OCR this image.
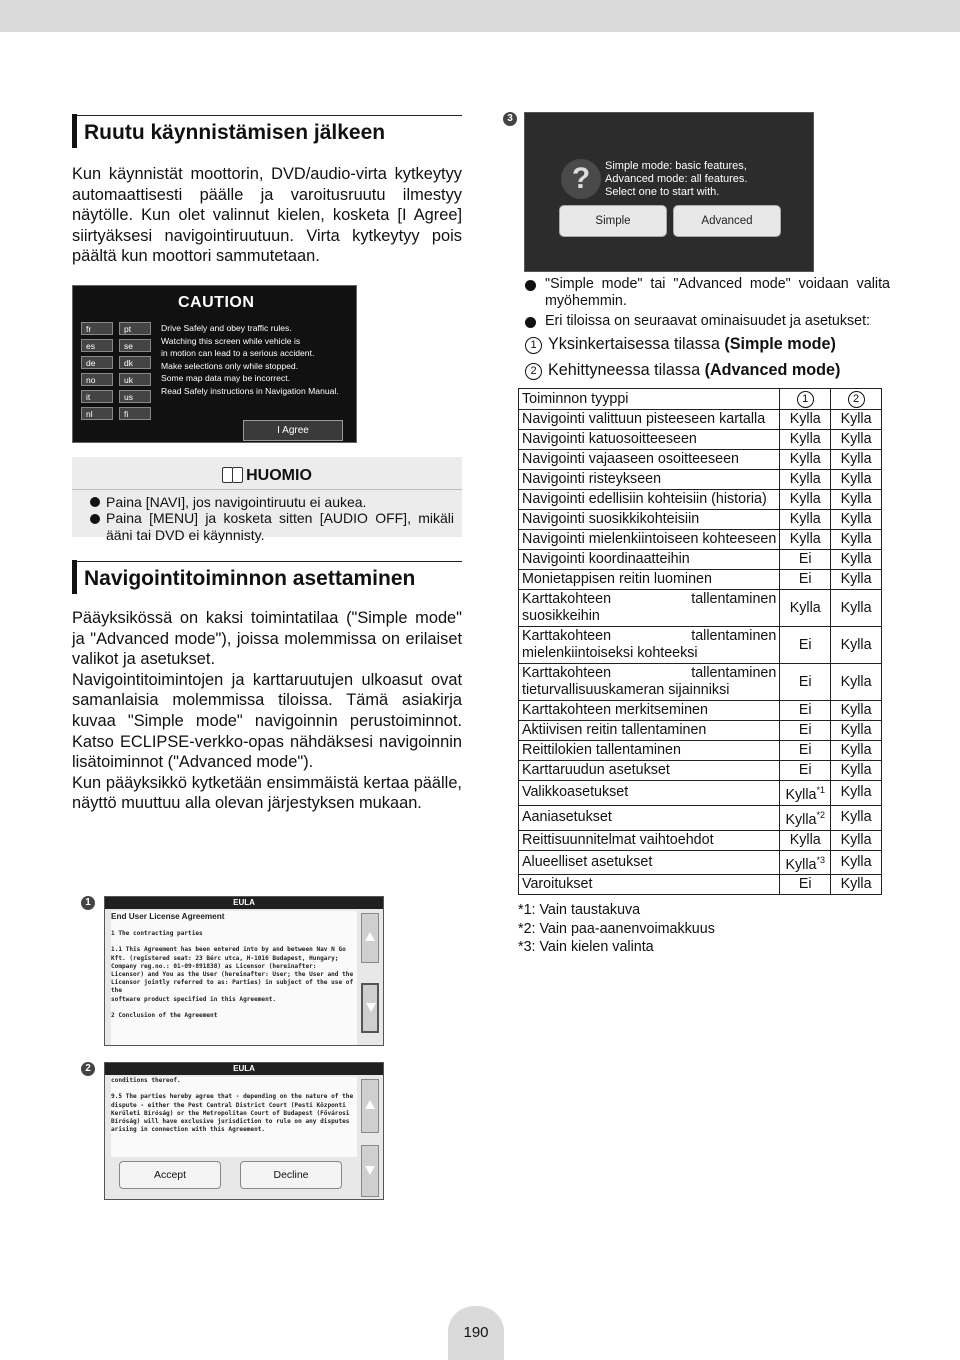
Ruutu käynnistämisen jälkeen

Kun käynnistät moottorin, DVD/audio-virta kytkeytyy automaattisesti päälle ja varoitusruutu ilmestyy näytölle. Kun olet valinnut kielen, kosketa [I Agree] siirtyäksesi navigointiruutuun. Virta kytkeytyy pois päältä kun moottori sammutetaan.

CAUTION
fr	pt
es	se
de	dk
no	uk
it	us
nl	fi
Drive Safely and obey traffic rules.
Watching this screen while vehicle is
in motion can lead to a serious accident.
Make selections only while stopped.
Some map data may be incorrect.
Read Safely instructions in Navigation Manual.
I Agree
HUOMIO
Paina [NAVI], jos navigointiruutu ei aukea.
Paina [MENU] ja kosketa sitten [AUDIO OFF], mikäli ääni tai DVD ei käynnisty.
Navigointitoiminnon asettaminen

Pääyksikössä on kaksi toimintatilaa ("Simple mode" ja "Advanced mode"), joissa molemmissa on erilaiset valikot ja asetukset.

Navigointitoimintojen ja karttaruutujen ulkoasut ovat samanlaisia molemmissa tiloissa. Tämä asiakirja kuvaa "Simple mode" navigoinnin perustoiminnot. Katso ECLIPSE-verkko-opas nähdäksesi navigoinnin lisätoiminnot ("Advanced mode").

Kun pääyksikkö kytketään ensimmäistä kertaa päälle, näyttö muuttuu alla olevan järjestyksen mukaan.

1	EULA
End User License Agreement
1 The contracting parties
1.1 This Agreement has been entered into by and between Nav N Go
Kft. (registered seat: 23 Bérc utca, H-1016 Budapest, Hungary;
Company reg.no.: 01-09-891838) as Licensor (hereinafter:
Licensor) and You as the User (hereinafter: User; the User and the
Licensor jointly referred to as: Parties) in subject of the use of the
software product specified in this Agreement.
2 Conclusion of the Agreement
2	EULA
conditions thereof.
9.5 The parties hereby agree that - depending on the nature of the
dispute - either the Pest Central District Court (Pesti Központi
Kerületi Bíróság) or the Metropolitan Court of Budapest (Fővárosi
Bíróság) will have exclusive jurisdiction to rule on any disputes
arising in connection with this Agreement.
Accept	Decline
3
?	Simple mode: basic features,
Advanced mode: all features.
Select one to start with.
Simple	Advanced
"Simple mode" tai "Advanced mode" voidaan valita myöhemmin.
Eri tiloissa on seuraavat ominaisuudet ja asetukset:
1 Yksinkertaisessa tilassa (Simple mode)
2 Kehittyneessa tilassa (Advanced mode)
Toiminnon tyyppi	1	2
Navigointi valittuun pisteeseen kartalla	Kylla	Kylla
Navigointi katuosoitteeseen	Kylla	Kylla
Navigointi vajaaseen osoitteeseen	Kylla	Kylla
Navigointi risteykseen	Kylla	Kylla
Navigointi edellisiin kohteisiin (historia)	Kylla	Kylla
Navigointi suosikkikohteisiin	Kylla	Kylla
Navigointi mielenkiintoiseen kohteeseen	Kylla	Kylla
Navigointi koordinaatteihin	Ei	Kylla
Monietappisen reitin luominen	Ei	Kylla
Karttakohteen tallentaminen suosikkeihin	Kylla	Kylla
Karttakohteen tallentaminen mielenkiintoiseksi kohteeksi	Ei	Kylla
Karttakohteen tallentaminen tieturvallisuuskameran sijainniksi	Ei	Kylla
Karttakohteen merkitseminen	Ei	Kylla
Aktiivisen reitin tallentaminen	Ei	Kylla
Reittilokien tallentaminen	Ei	Kylla
Karttaruudun asetukset	Ei	Kylla
Valikkoasetukset	Kylla$^{*1}$	Kylla
Aaniasetukset	Kylla$^{*2}$	Kylla
Reittisuunnitelmat vaihtoehdot	Kylla	Kylla
Alueelliset asetukset	Kylla$^{*3}$	Kylla
Varoitukset	Ei	Kylla
*1: Vain taustakuva
*2: Vain paa-aanenvoimakkuus
*3: Vain kielen valinta
190
